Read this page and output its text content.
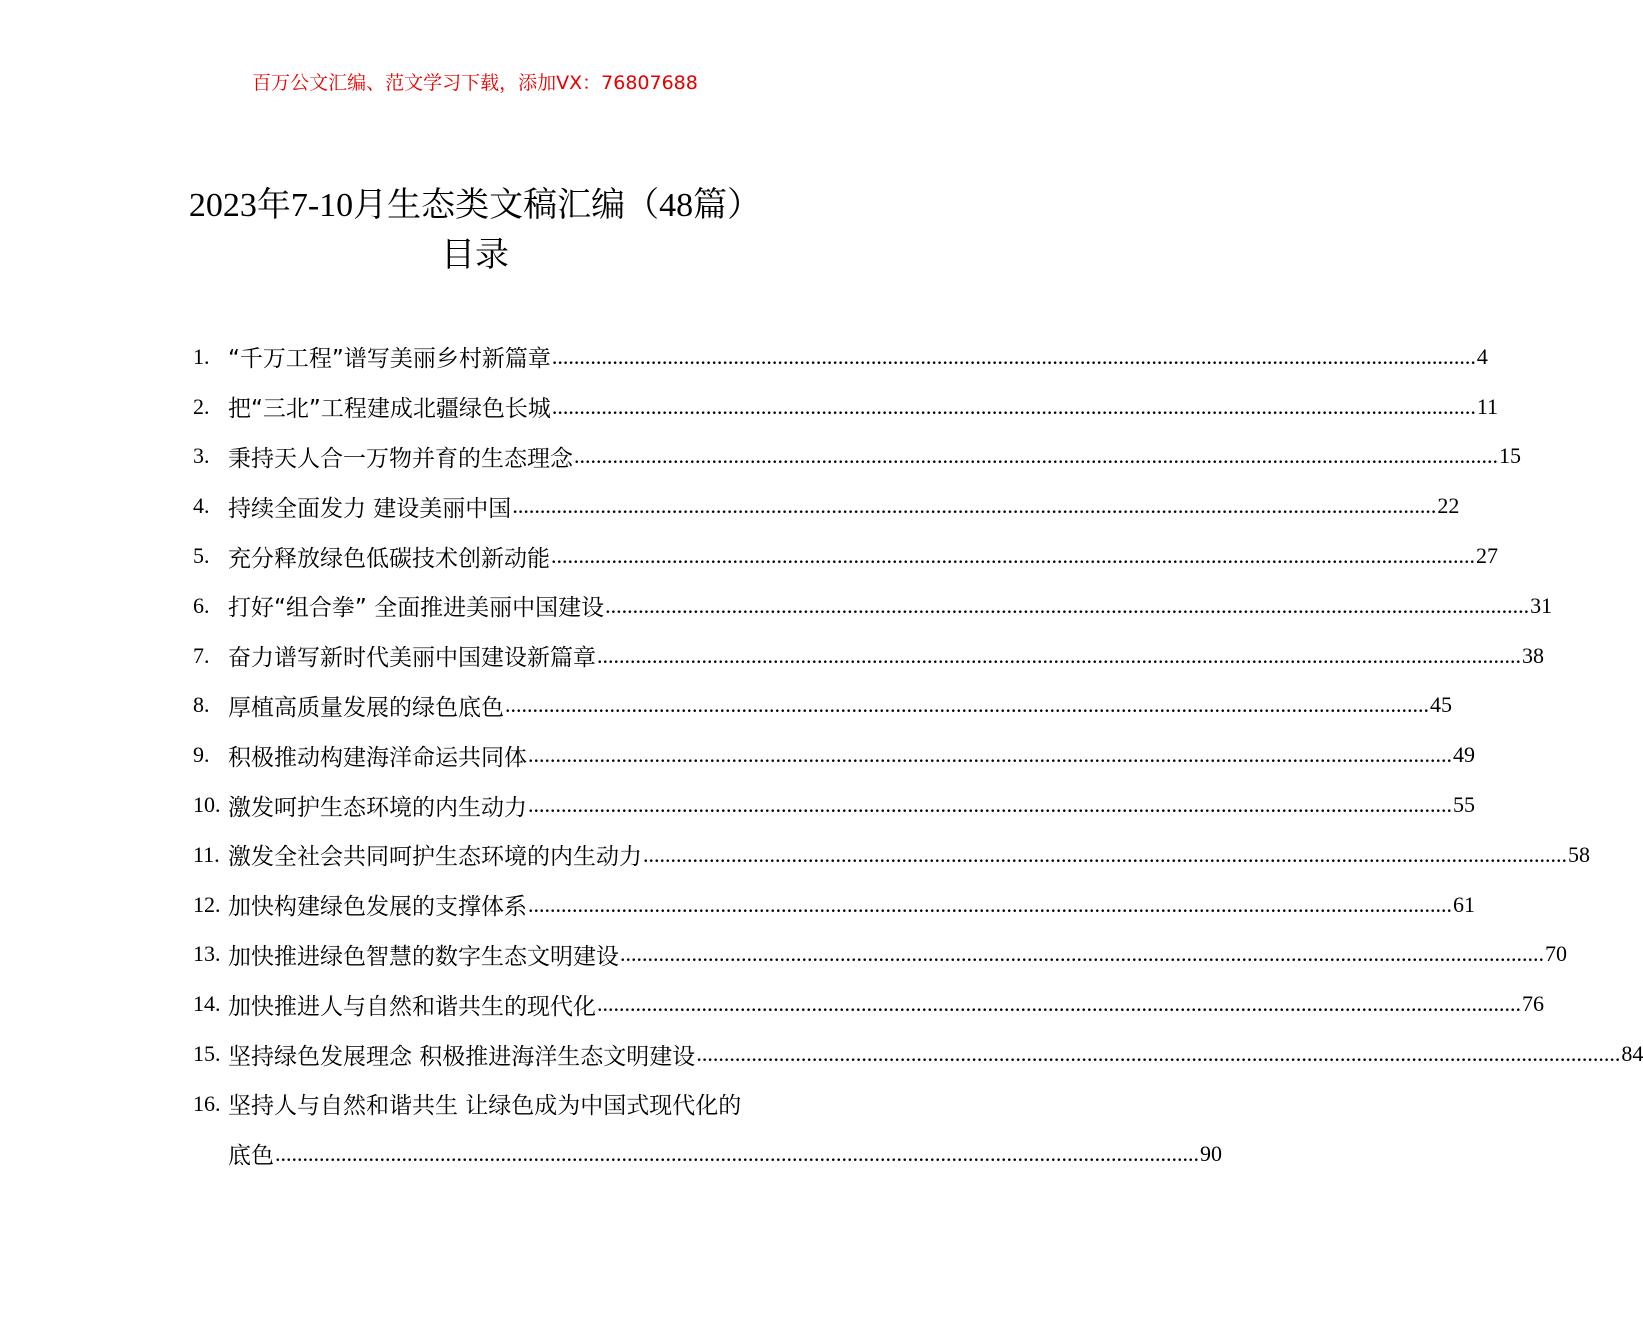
百万公文汇编、范文学习下载，添加VX：76807688
2023年7-10月生态类文稿汇编（48篇）
目录
1. “千万工程”谱写美丽乡村新篇章 .....	4
2. 把“三北”工程建成北疆绿色长城 .....	11
3. 秉持天人合一万物并育的生态理念 .....	15
4. 持续全面发力 建设美丽中国 .....	22
5. 充分释放绿色低碳技术创新动能 .....	27
6. 打好“组合拳” 全面推进美丽中国建设 .....	31
7. 奋力谱写新时代美丽中国建设新篇章 .....	38
8. 厚植高质量发展的绿色底色 .....	45
9. 积极推动构建海洋命运共同体 .....	49
10. 激发呵护生态环境的内生动力 .....	55
11. 激发全社会共同呵护生态环境的内生动力 .....	58
12. 加快构建绿色发展的支撑体系 .....	61
13. 加快推进绿色智慧的数字生态文明建设 .....	70
14. 加快推进人与自然和谐共生的现代化 .....	76
15. 坚持绿色发展理念 积极推进海洋生态文明建设 .....	84
16. 坚持人与自然和谐共生 让绿色成为中国式现代化的
底色 .....	90
